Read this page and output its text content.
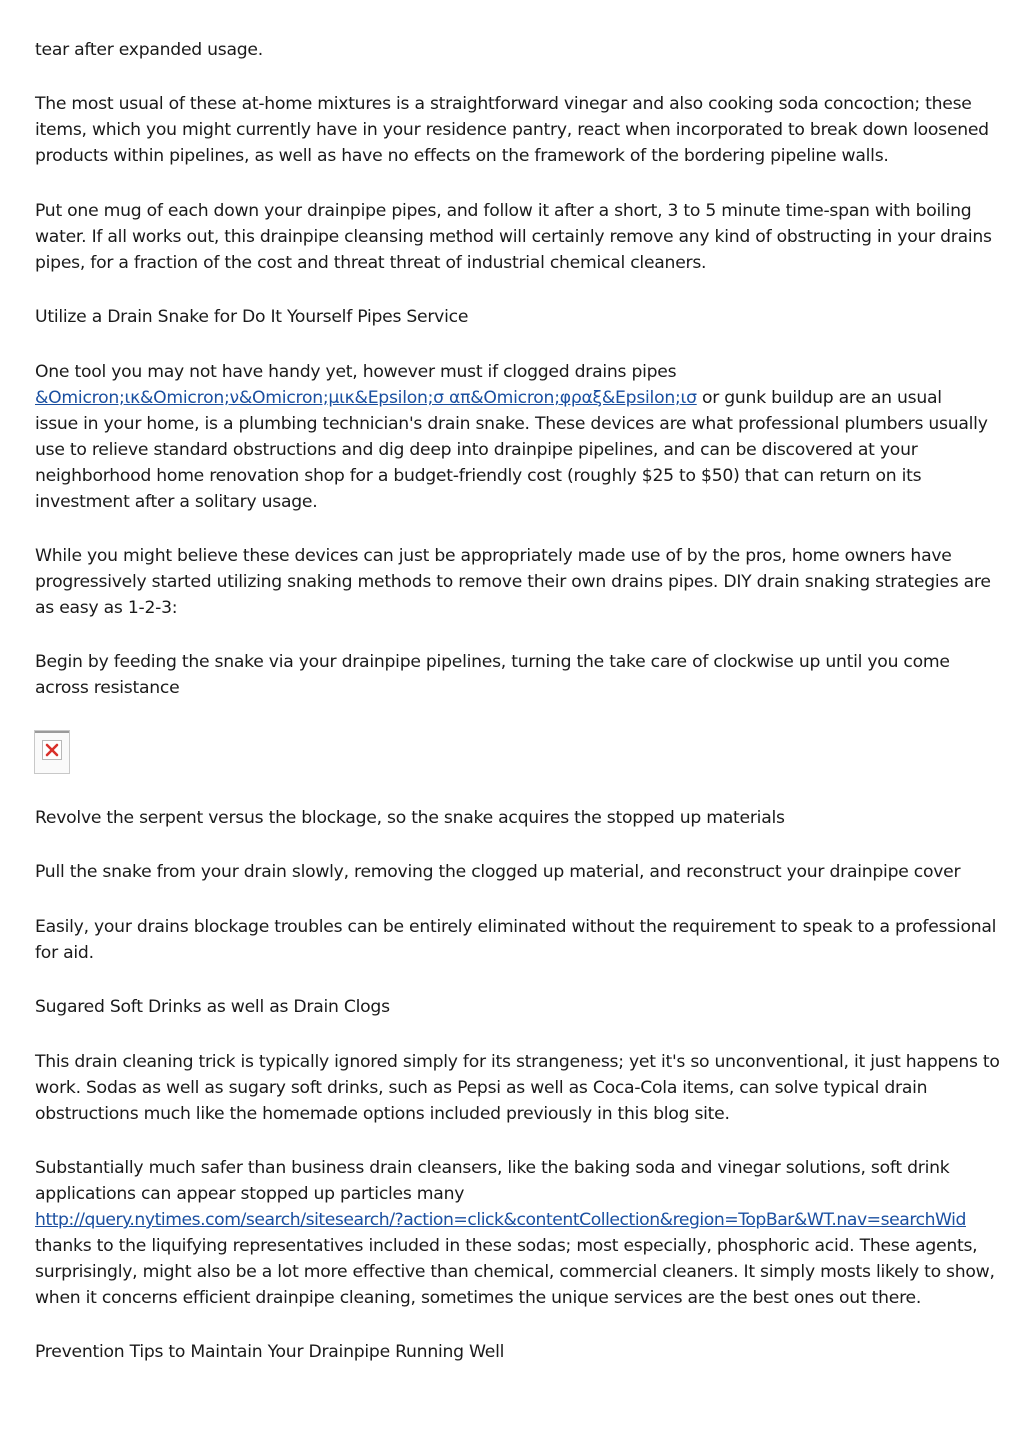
tear after expanded usage.
The most usual of these at-home mixtures is a straightforward vinegar and also cooking soda concoction; these
items, which you might currently have in your residence pantry, react when incorporated to break down loosened
products within pipelines, as well as have no effects on the framework of the bordering pipeline walls.
Put one mug of each down your drainpipe pipes, and follow it after a short, 3 to 5 minute time-span with boiling
water. If all works out, this drainpipe cleansing method will certainly remove any kind of obstructing in your drains
pipes, for a fraction of the cost and threat threat of industrial chemical cleaners.
Utilize a Drain Snake for Do It Yourself Pipes Service
One tool you may not have handy yet, however must if clogged drains pipes
&Omicron;ικ&Omicron;ν&Omicron;μικ&Epsilon;σ απ&Omicron;φραξ&Epsilon;ισ or gunk buildup are an usual
issue in your home, is a plumbing technician's drain snake. These devices are what professional plumbers usually
use to relieve standard obstructions and dig deep into drainpipe pipelines, and can be discovered at your
neighborhood home renovation shop for a budget-friendly cost (roughly $25 to $50) that can return on its
investment after a solitary usage.
While you might believe these devices can just be appropriately made use of by the pros, home owners have
progressively started utilizing snaking methods to remove their own drains pipes. DIY drain snaking strategies are
as easy as 1-2-3:
Begin by feeding the snake via your drainpipe pipelines, turning the take care of clockwise up until you come
across resistance
Revolve the serpent versus the blockage, so the snake acquires the stopped up materials
Pull the snake from your drain slowly, removing the clogged up material, and reconstruct your drainpipe cover
Easily, your drains blockage troubles can be entirely eliminated without the requirement to speak to a professional
for aid.
Sugared Soft Drinks as well as Drain Clogs
This drain cleaning trick is typically ignored simply for its strangeness; yet it's so unconventional, it just happens to
work. Sodas as well as sugary soft drinks, such as Pepsi as well as Coca-Cola items, can solve typical drain
obstructions much like the homemade options included previously in this blog site.
Substantially much safer than business drain cleansers, like the baking soda and vinegar solutions, soft drink
applications can appear stopped up particles many
http://query.nytimes.com/search/sitesearch/?action=click&contentCollection&region=TopBar&WT.nav=searchWid
thanks to the liquifying representatives included in these sodas; most especially, phosphoric acid. These agents,
surprisingly, might also be a lot more effective than chemical, commercial cleaners. It simply mosts likely to show,
when it concerns efficient drainpipe cleaning, sometimes the unique services are the best ones out there.
Prevention Tips to Maintain Your Drainpipe Running Well
